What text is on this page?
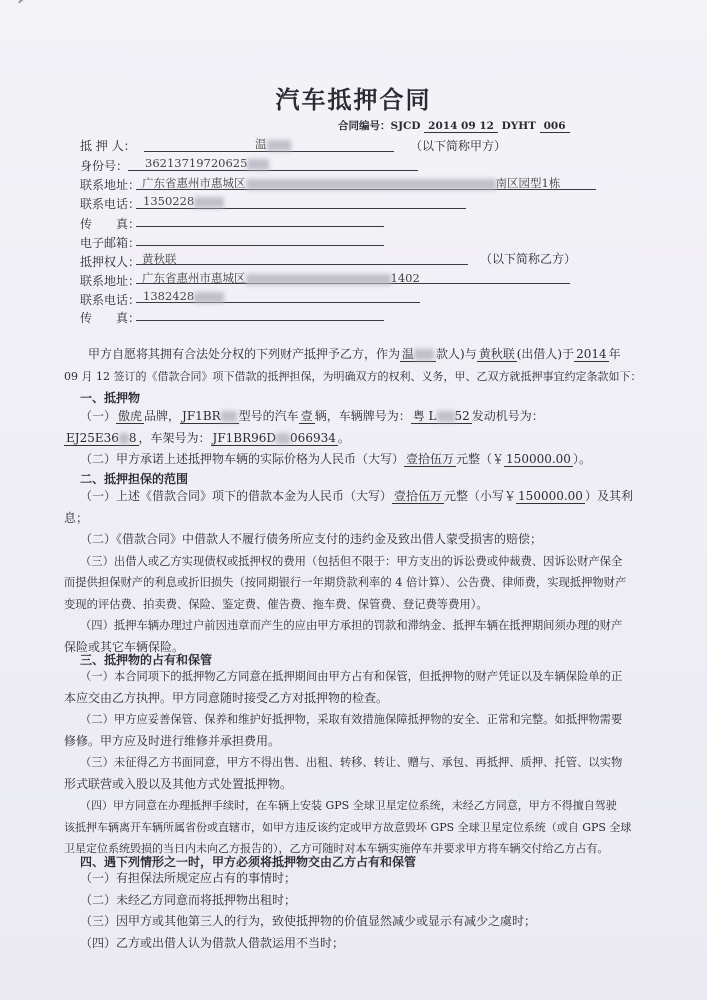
汽车抵押合同
合同编号：SJCD 2014 09 12 DYHT 006
抵 押 人：	温	（以下简称甲方）
身份号： 36213719720625
联系地址： 广东省惠州市惠城区	南区园型1栋
联系电话： 1350228
传　　真：
电子邮箱：
抵押权人： 黄秋联	（以下简称乙方）
联系地址： 广东省惠州市惠城区	1402
联系电话： 1382428
传　　真：
甲方自愿将其拥有合法处分权的下列财产抵押予乙方，作为 温 款人)与 黄秋联 (出借人)于 2014 年
09 月 12 签订的《借款合同》项下借款的抵押担保，为明确双方的权利、义务，甲、乙双方就抵押事宜约定条款如下：
一、抵押物
（一） 傲虎 品牌， JF1BR 型号的汽车 壹 辆，车辆牌号为： 粤 L 52 发动机号为：
EJ25E36 8 ，车架号为： JF1BR96D 066934 。
（二）甲方承诺上述抵押物车辆的实际价格为人民币（大写） 壹拾伍万 元整（￥ 150000.00 ）。
二、抵押担保的范围
（一）上述《借款合同》项下的借款本金为人民币（大写） 壹拾伍万 元整（小写￥ 150000.00 ）及其利
息；
（二）《借款合同》中借款人不履行债务所应支付的违约金及致出借人蒙受损害的赔偿；
（三）出借人或乙方实现债权或抵押权的费用（包括但不限于：甲方支出的诉讼费或仲裁费、因诉讼财产保全
而提供担保财产的利息或折旧损失（按同期银行一年期贷款利率的 4 倍计算）、公告费、律师费，实现抵押物财产
变现的评估费、拍卖费、保险、鉴定费、催告费、拖车费、保管费、登记费等费用）。
（四）抵押车辆办理过户前因违章而产生的应由甲方承担的罚款和滞纳金、抵押车辆在抵押期间须办理的财产
保险或其它车辆保险。
三、抵押物的占有和保管
（一）本合同项下的抵押物乙方同意在抵押期间由甲方占有和保管，但抵押物的财产凭证以及车辆保险单的正
本应交由乙方执押。甲方同意随时接受乙方对抵押物的检查。
（二）甲方应妥善保管、保养和维护好抵押物，采取有效措施保障抵押物的安全、正常和完整。如抵押物需要
修修。甲方应及时进行维修并承担费用。
（三）未征得乙方书面同意，甲方不得出售、出租、转移、转让、赠与、承包、再抵押、质押、托管、以实物
形式联营或入股以及其他方式处置抵押物。
（四）甲方同意在办理抵押手续时，在车辆上安装 GPS 全球卫星定位系统，未经乙方同意，甲方不得擅自驾驶
该抵押车辆离开车辆所属省份或直辖市，如甲方违反该约定或甲方故意毁坏 GPS 全球卫星定位系统（或自 GPS 全球
卫星定位系统毁损的当日内未向乙方报告的），乙方可随时对本车辆实施停车并要求甲方将车辆交付给乙方占有。
四、遇下列情形之一时，甲方必须将抵押物交由乙方占有和保管
（一）有担保法所规定应占有的事情时；
（二）未经乙方同意而将抵押物出租时；
（三）因甲方或其他第三人的行为，致使抵押物的价值显然减少或显示有减少之虞时；
（四）乙方或出借人认为借款人借款运用不当时；
